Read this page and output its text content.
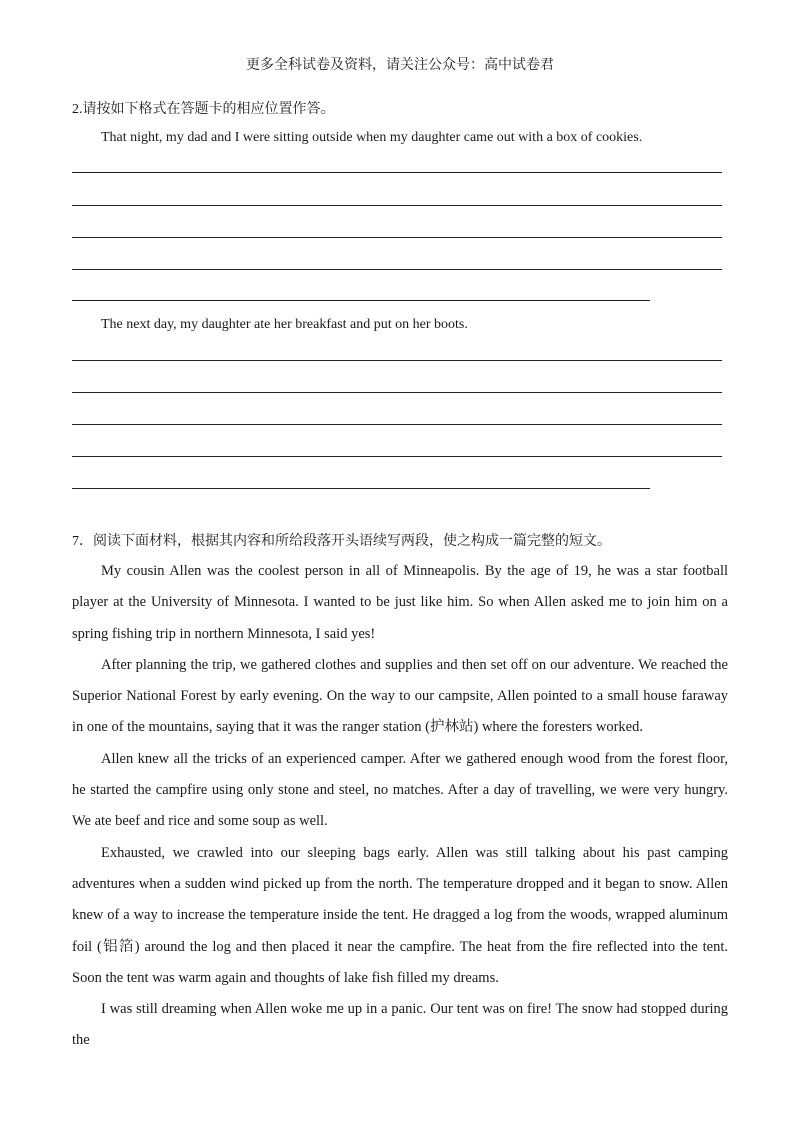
更多全科试卷及资料，请关注公众号：高中试卷君
2.请按如下格式在答题卡的相应位置作答。
That night, my dad and I were sitting outside when my daughter came out with a box of cookies.
The next day, my daughter ate her breakfast and put on her boots.
7．阅读下面材料，根据其内容和所给段落开头语续写两段，使之构成一篇完整的短文。

My cousin Allen was the coolest person in all of Minneapolis. By the age of 19, he was a star football player at the University of Minnesota. I wanted to be just like him. So when Allen asked me to join him on a spring fishing trip in northern Minnesota, I said yes!

After planning the trip, we gathered clothes and supplies and then set off on our adventure. We reached the Superior National Forest by early evening. On the way to our campsite, Allen pointed to a small house faraway in one of the mountains, saying that it was the ranger station (护林站) where the foresters worked.

Allen knew all the tricks of an experienced camper. After we gathered enough wood from the forest floor, he started the campfire using only stone and steel, no matches. After a day of travelling, we were very hungry. We ate beef and rice and some soup as well.

Exhausted, we crawled into our sleeping bags early. Allen was still talking about his past camping adventures when a sudden wind picked up from the north. The temperature dropped and it began to snow. Allen knew of a way to increase the temperature inside the tent. He dragged a log from the woods, wrapped aluminum foil (铝箔) around the log and then placed it near the campfire. The heat from the fire reflected into the tent. Soon the tent was warm again and thoughts of lake fish filled my dreams.

I was still dreaming when Allen woke me up in a panic. Our tent was on fire! The snow had stopped during the
